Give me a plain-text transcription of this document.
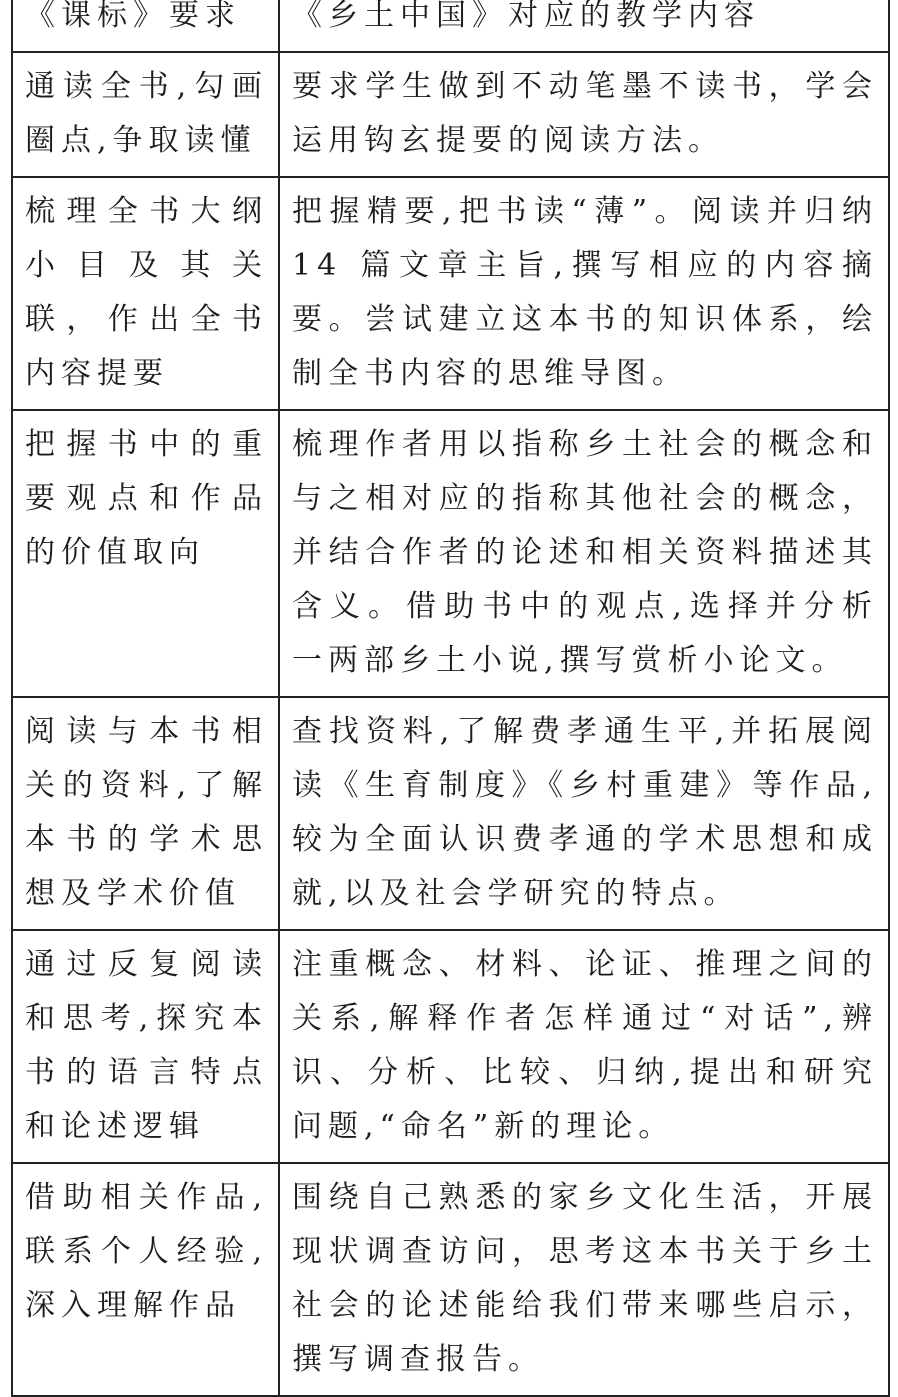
《课标》要求	《乡土中国》对应的教学内容
通读全书,勾画圈点,争取读懂	要求学生做到不动笔墨不读书，学会运用钩玄提要的阅读方法。
梳理全书大纲小目及其关联，作出全书内容提要	把握精要,把书读“薄”。阅读并归纳 14 篇文章主旨,撰写相应的内容摘要。尝试建立这本书的知识体系，绘制全书内容的思维导图。
把握书中的重要观点和作品的价值取向	梳理作者用以指称乡土社会的概念和与之相对应的指称其他社会的概念，并结合作者的论述和相关资料描述其含义。借助书中的观点,选择并分析一两部乡土小说,撰写赏析小论文。
阅读与本书相关的资料,了解本书的学术思想及学术价值	查找资料,了解费孝通生平,并拓展阅读《生育制度》《乡村重建》等作品,较为全面认识费孝通的学术思想和成就,以及社会学研究的特点。
通过反复阅读和思考,探究本书的语言特点和论述逻辑	注重概念、材料、论证、推理之间的关系,解释作者怎样通过“对话”,辨识、分析、比较、归纳,提出和研究问题,“命名”新的理论。
借助相关作品,联系个人经验,深入理解作品	围绕自己熟悉的家乡文化生活，开展现状调查访问，思考这本书关于乡土社会的论述能给我们带来哪些启示，撰写调查报告。
